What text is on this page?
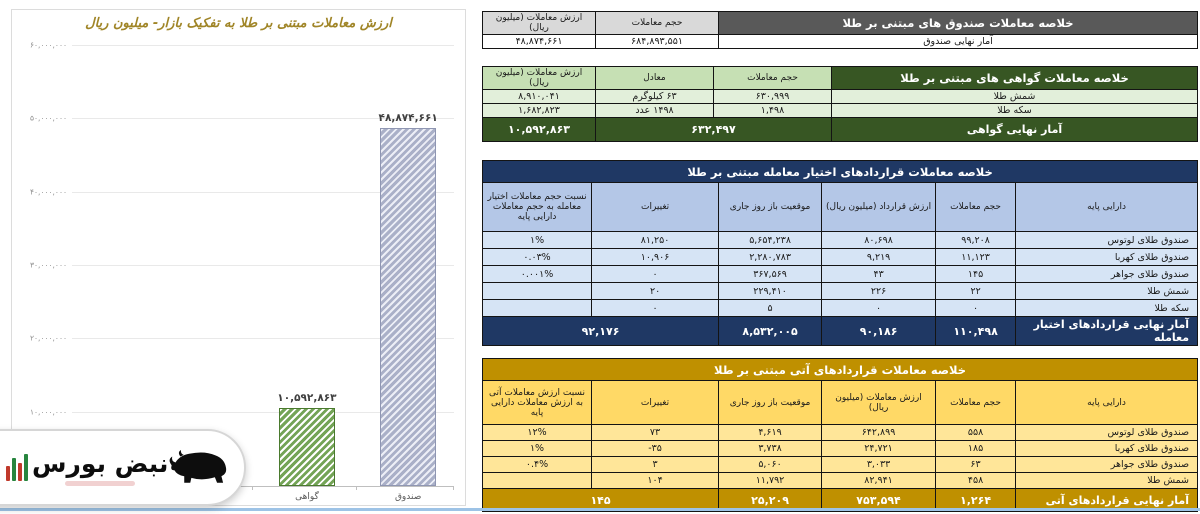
ارزش معاملات مبتنی بر طلا به تفکیک بازار- میلیون ریال
۱۰,۰۰۰,۰۰۰
۲۰,۰۰۰,۰۰۰
۳۰,۰۰۰,۰۰۰
۴۰,۰۰۰,۰۰۰
۵۰,۰۰۰,۰۰۰
۶۰,۰۰۰,۰۰۰
۱۰,۵۹۲,۸۶۳
گواهی
۴۸,۸۷۴,۶۶۱
صندوق
خلاصه معاملات صندوق های مبتنی بر طلا	حجم معاملات	ارزش معاملات (میلیون ریال)
آمار نهایی صندوق	۶۸۴,۸۹۳,۵۵۱	۴۸,۸۷۴,۶۶۱
خلاصه معاملات گواهی های مبتنی بر طلا	حجم معاملات	معادل	ارزش معاملات (میلیون ریال)
شمش طلا	۶۳۰,۹۹۹	۶۳ کیلوگرم	۸,۹۱۰,۰۴۱
سکه طلا	۱,۴۹۸	۱۴۹۸ عدد	۱,۶۸۲,۸۲۳
آمار نهایی گواهی	۶۳۲,۴۹۷		۱۰,۵۹۲,۸۶۳
خلاصه معاملات قراردادهای اختیار معامله مبتنی بر طلا					
دارایی پایه	حجم معاملات	ارزش قرارداد (میلیون ریال)	موقعیت باز روز جاری	تغییرات	نسبت حجم معاملات اختیار معامله به حجم معاملات دارایی پایه
صندوق طلای لوتوس	۹۹,۲۰۸	۸۰,۶۹۸	۵,۶۵۴,۲۳۸	۸۱,۲۵۰	۱%
صندوق طلای کهربا	۱۱,۱۲۳	۹,۲۱۹	۲,۲۸۰,۷۸۳	۱۰,۹۰۶	۰.۰۳%
صندوق طلای جواهر	۱۴۵	۴۳	۳۶۷,۵۶۹	۰	۰.۰۰۱%
شمش طلا	۲۲	۲۲۶	۲۲۹,۴۱۰	۲۰	
سکه طلا	۰	۰	۵	۰	
آمار نهایی قراردادهای اختیار معامله	۱۱۰,۴۹۸	۹۰,۱۸۶	۸,۵۳۲,۰۰۵	۹۲,۱۷۶	
خلاصه معاملات قراردادهای آتی مبتنی بر طلا					
دارایی پایه	حجم معاملات	ارزش معاملات (میلیون ریال)	موقعیت باز روز جاری	تغییرات	نسبت ارزش معاملات آتی به ارزش معاملات دارایی پایه
صندوق طلای لوتوس	۵۵۸	۶۴۲,۸۹۹	۴,۶۱۹	۷۳	۱۲%
صندوق طلای کهربا	۱۸۵	۲۴,۷۲۱	۳,۷۳۸	-۳۵	۱%
صندوق طلای جواهر	۶۳	۳,۰۳۳	۵,۰۶۰	۳	۰.۴%
شمش طلا	۴۵۸	۸۲,۹۴۱	۱۱,۷۹۲	۱۰۴	
آمار نهایی قراردادهای آتی	۱,۲۶۴	۷۵۳,۵۹۴	۲۵,۲۰۹	۱۴۵	
نبض بورس
